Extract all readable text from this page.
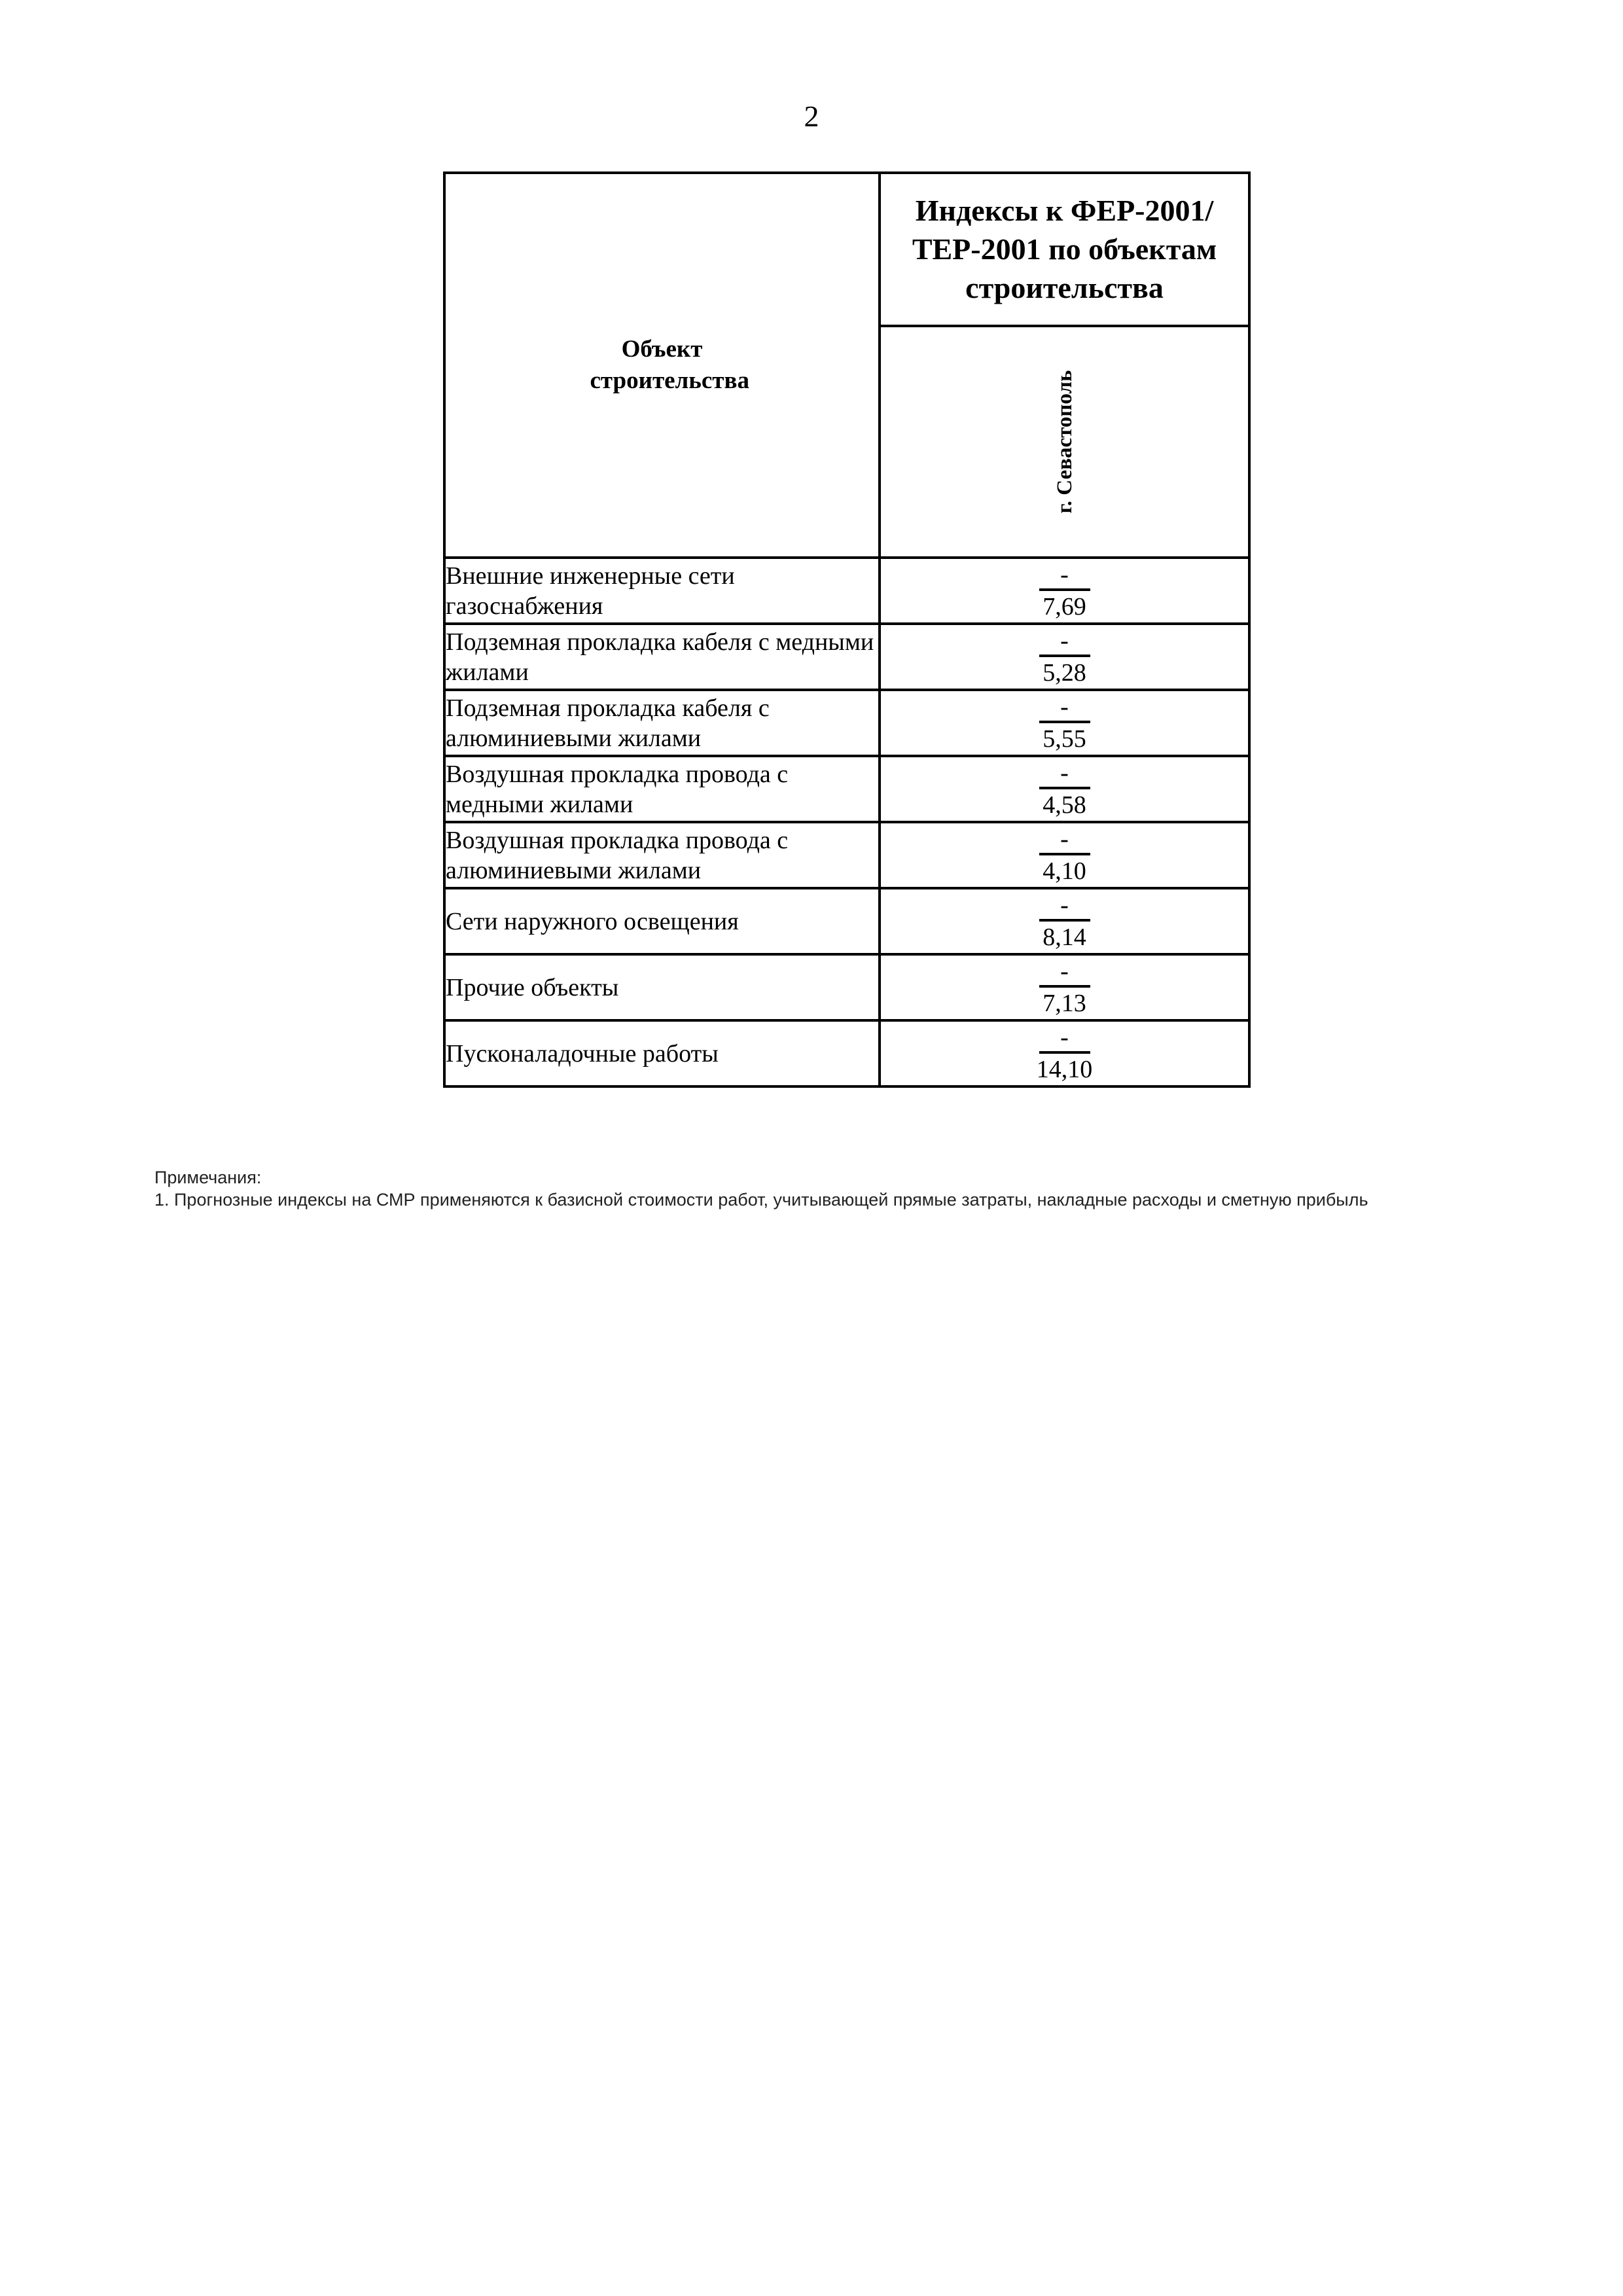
2
Объект строительства	Индексы к ФЕР-2001/ТЕР-2001 по объектам строительства

	г. Севастополь

Внешние инженерные сети газоснабжения	$\frac{-}{7,69}$

Подземная прокладка кабеля с медными жилами	$\frac{-}{5,28}$

Подземная прокладка кабеля с алюминиевыми жилами	$\frac{-}{5,55}$

Воздушная прокладка провода с медными жилами	$\frac{-}{4,58}$

Воздушная прокладка провода с алюминиевыми жилами	$\frac{-}{4,10}$

Сети наружного освещения	$\frac{-}{8,14}$

Прочие объекты	$\frac{-}{7,13}$

Пусконаладочные работы	$\frac{-}{14,10}$
Примечания:
1. Прогнозные индексы на СМР применяются к базисной стоимости работ, учитывающей прямые затраты, накладные расходы и сметную прибыль
